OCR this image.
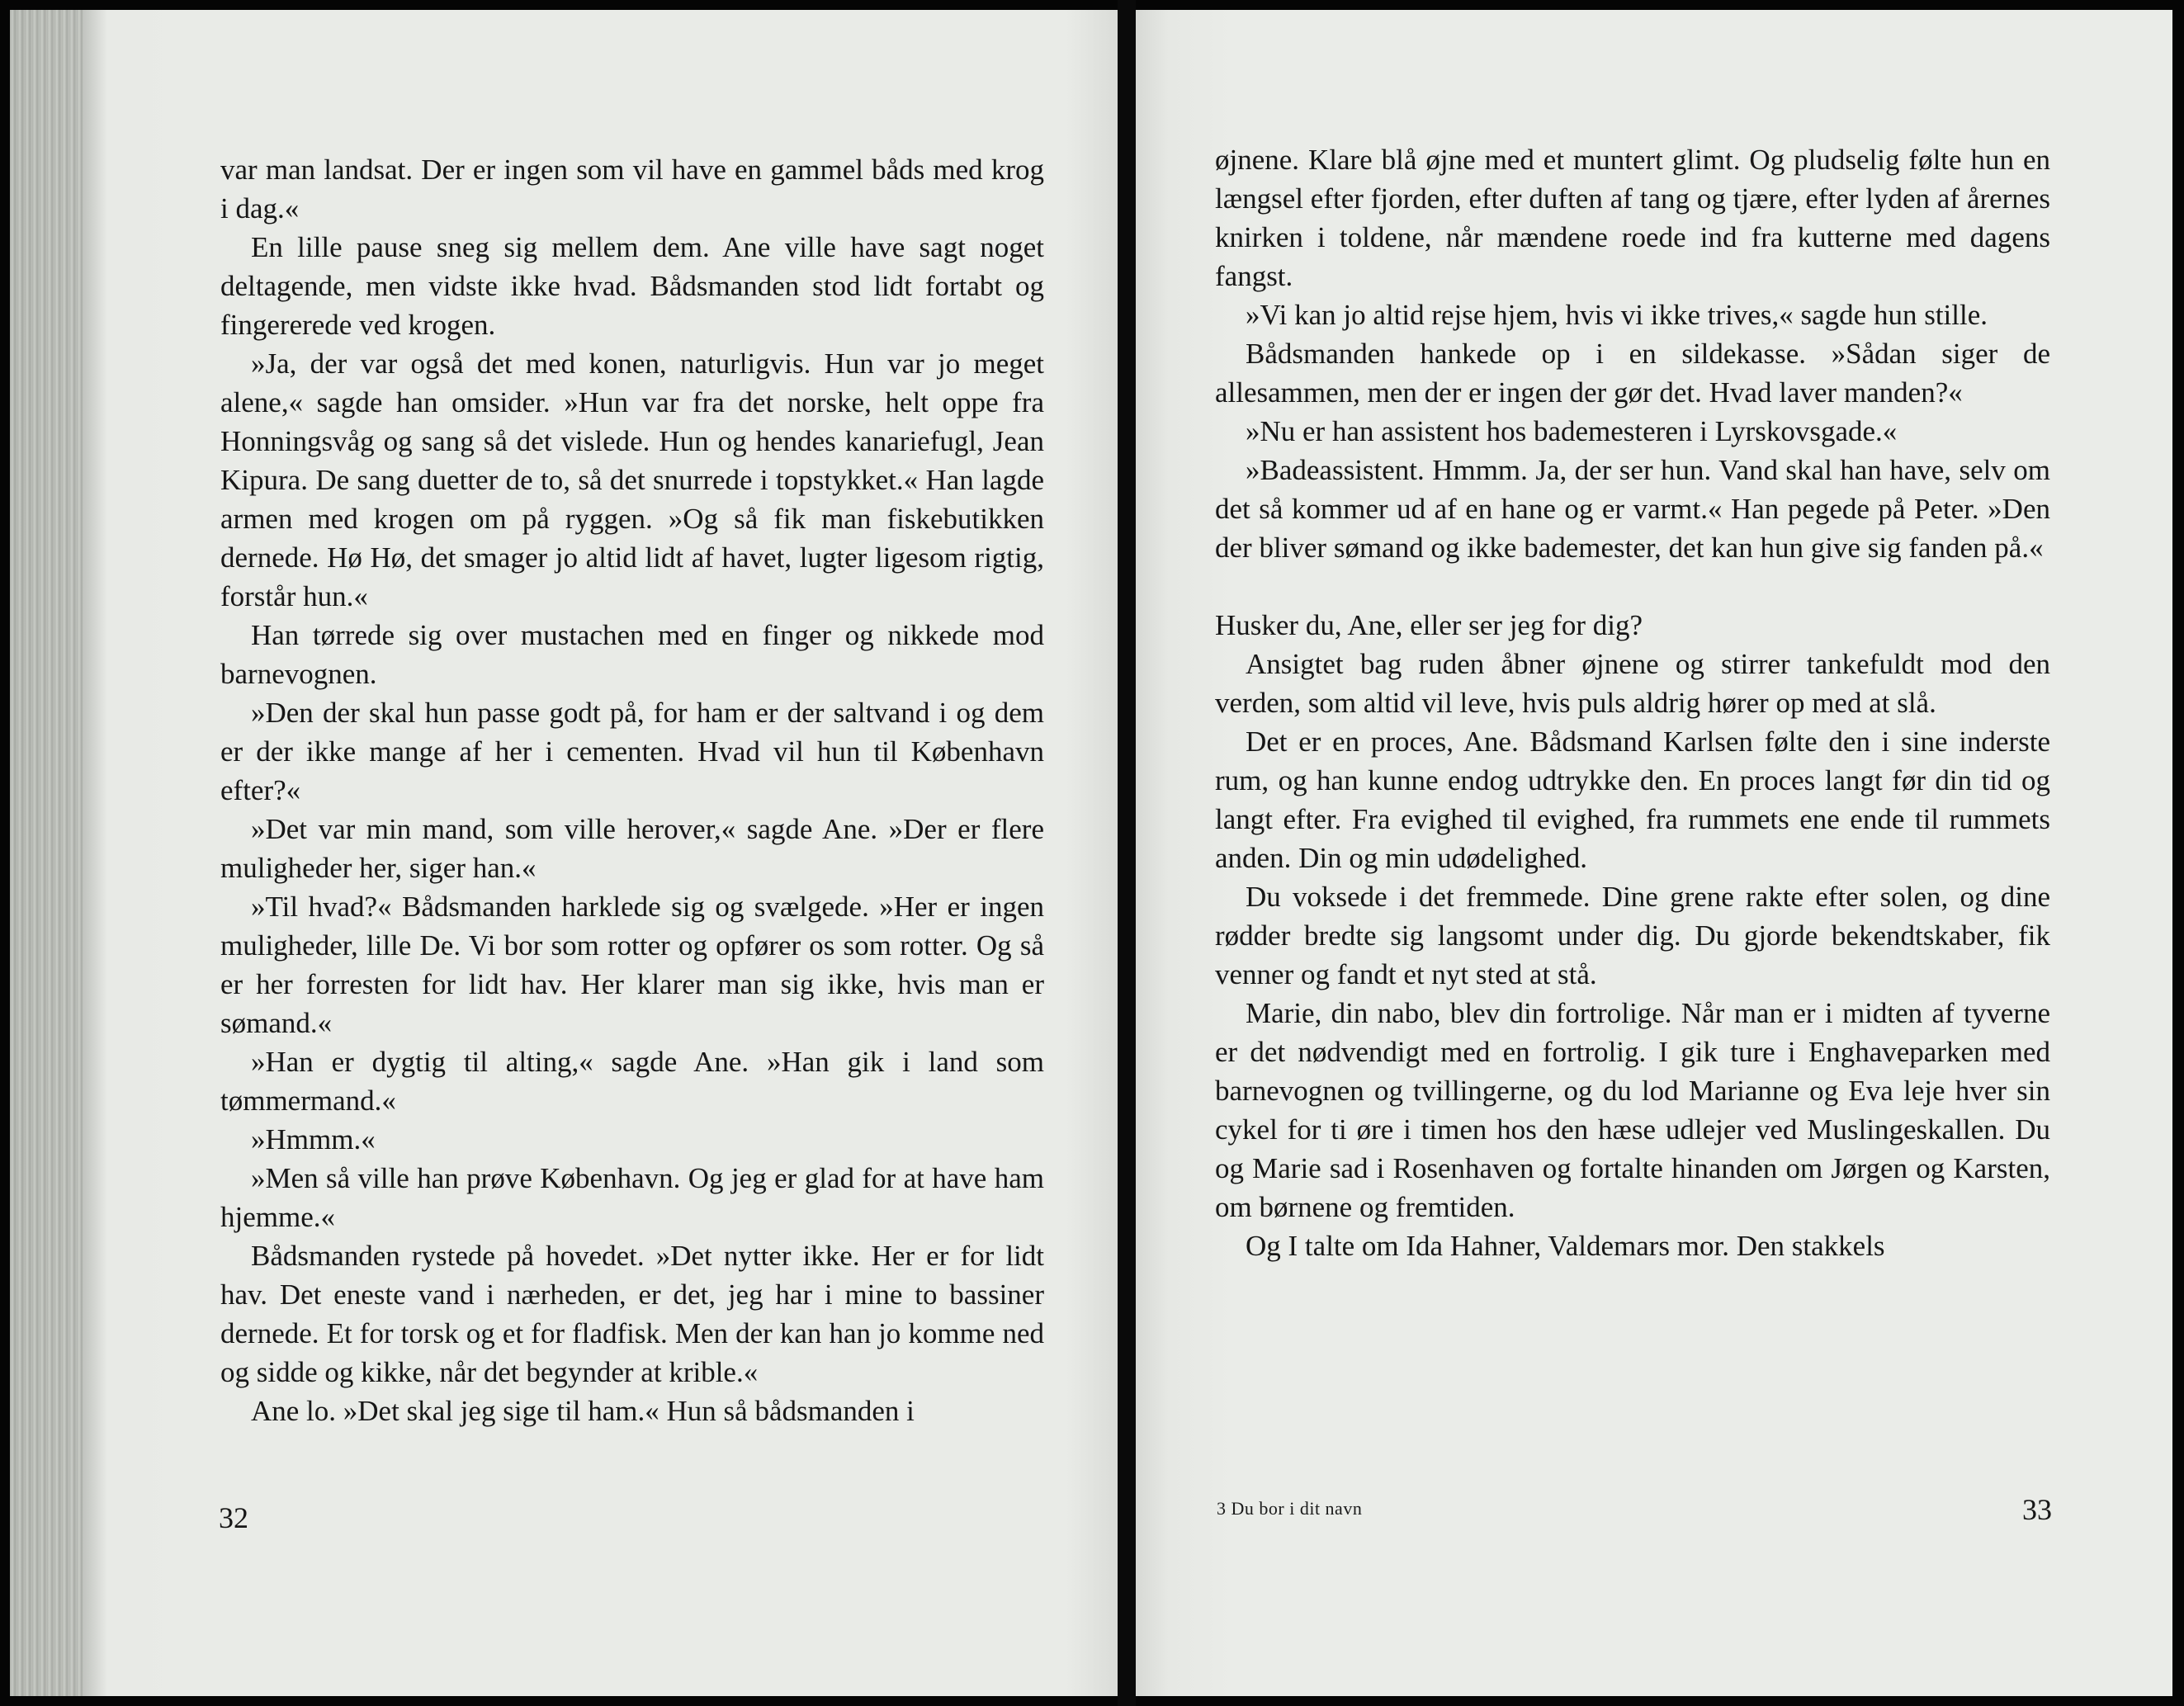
var man landsat. Der er ingen som vil have en gammel båds med krog i dag.«

En lille pause sneg sig mellem dem. Ane ville have sagt noget deltagende, men vidste ikke hvad. Bådsmanden stod lidt fortabt og fingererede ved krogen.

»Ja, der var også det med konen, naturligvis. Hun var jo meget alene,« sagde han omsider. »Hun var fra det norske, helt oppe fra Honningsvåg og sang så det vislede. Hun og hendes kanariefugl, Jean Kipura. De sang duetter de to, så det snurrede i topstykket.« Han lagde armen med krogen om på ryggen. »Og så fik man fiskebutikken dernede. Hø Hø, det smager jo altid lidt af havet, lugter ligesom rigtig, forstår hun.«

Han tørrede sig over mustachen med en finger og nikkede mod barnevognen.

»Den der skal hun passe godt på, for ham er der saltvand i og dem er der ikke mange af her i cementen. Hvad vil hun til København efter?«

»Det var min mand, som ville herover,« sagde Ane. »Der er flere muligheder her, siger han.«

»Til hvad?« Bådsmanden harklede sig og svælgede. »Her er ingen muligheder, lille De. Vi bor som rotter og opfører os som rotter. Og så er her forresten for lidt hav. Her klarer man sig ikke, hvis man er sømand.«

»Han er dygtig til alting,« sagde Ane. »Han gik i land som tømmermand.«

»Hmmm.«

»Men så ville han prøve København. Og jeg er glad for at have ham hjemme.«

Bådsmanden rystede på hovedet. »Det nytter ikke. Her er for lidt hav. Det eneste vand i nærheden, er det, jeg har i mine to bassiner dernede. Et for torsk og et for fladfisk. Men der kan han jo komme ned og sidde og kikke, når det begynder at krible.«

Ane lo. »Det skal jeg sige til ham.« Hun så bådsmanden i

32

øjnene. Klare blå øjne med et muntert glimt. Og pludselig følte hun en længsel efter fjorden, efter duften af tang og tjære, efter lyden af årernes knirken i toldene, når mændene roede ind fra kutterne med dagens fangst.

»Vi kan jo altid rejse hjem, hvis vi ikke trives,« sagde hun stille.

Bådsmanden hankede op i en sildekasse. »Sådan siger de allesammen, men der er ingen der gør det. Hvad laver manden?«

»Nu er han assistent hos bademesteren i Lyrskovsgade.«

»Badeassistent. Hmmm. Ja, der ser hun. Vand skal han have, selv om det så kommer ud af en hane og er varmt.« Han pegede på Peter. »Den der bliver sømand og ikke bademester, det kan hun give sig fanden på.«

Husker du, Ane, eller ser jeg for dig?

Ansigtet bag ruden åbner øjnene og stirrer tankefuldt mod den verden, som altid vil leve, hvis puls aldrig hører op med at slå.

Det er en proces, Ane. Bådsmand Karlsen følte den i sine inderste rum, og han kunne endog udtrykke den. En proces langt før din tid og langt efter. Fra evighed til evighed, fra rummets ene ende til rummets anden. Din og min udødelighed.

Du voksede i det fremmede. Dine grene rakte efter solen, og dine rødder bredte sig langsomt under dig. Du gjorde bekendtskaber, fik venner og fandt et nyt sted at stå.

Marie, din nabo, blev din fortrolige. Når man er i midten af tyverne er det nødvendigt med en fortrolig. I gik ture i Enghaveparken med barnevognen og tvillingerne, og du lod Marianne og Eva leje hver sin cykel for ti øre i timen hos den hæse udlejer ved Muslingeskallen. Du og Marie sad i Rosenhaven og fortalte hinanden om Jørgen og Karsten, om børnene og fremtiden.

Og I talte om Ida Hahner, Valdemars mor. Den stakkels

3 Du bor i dit navn	33
